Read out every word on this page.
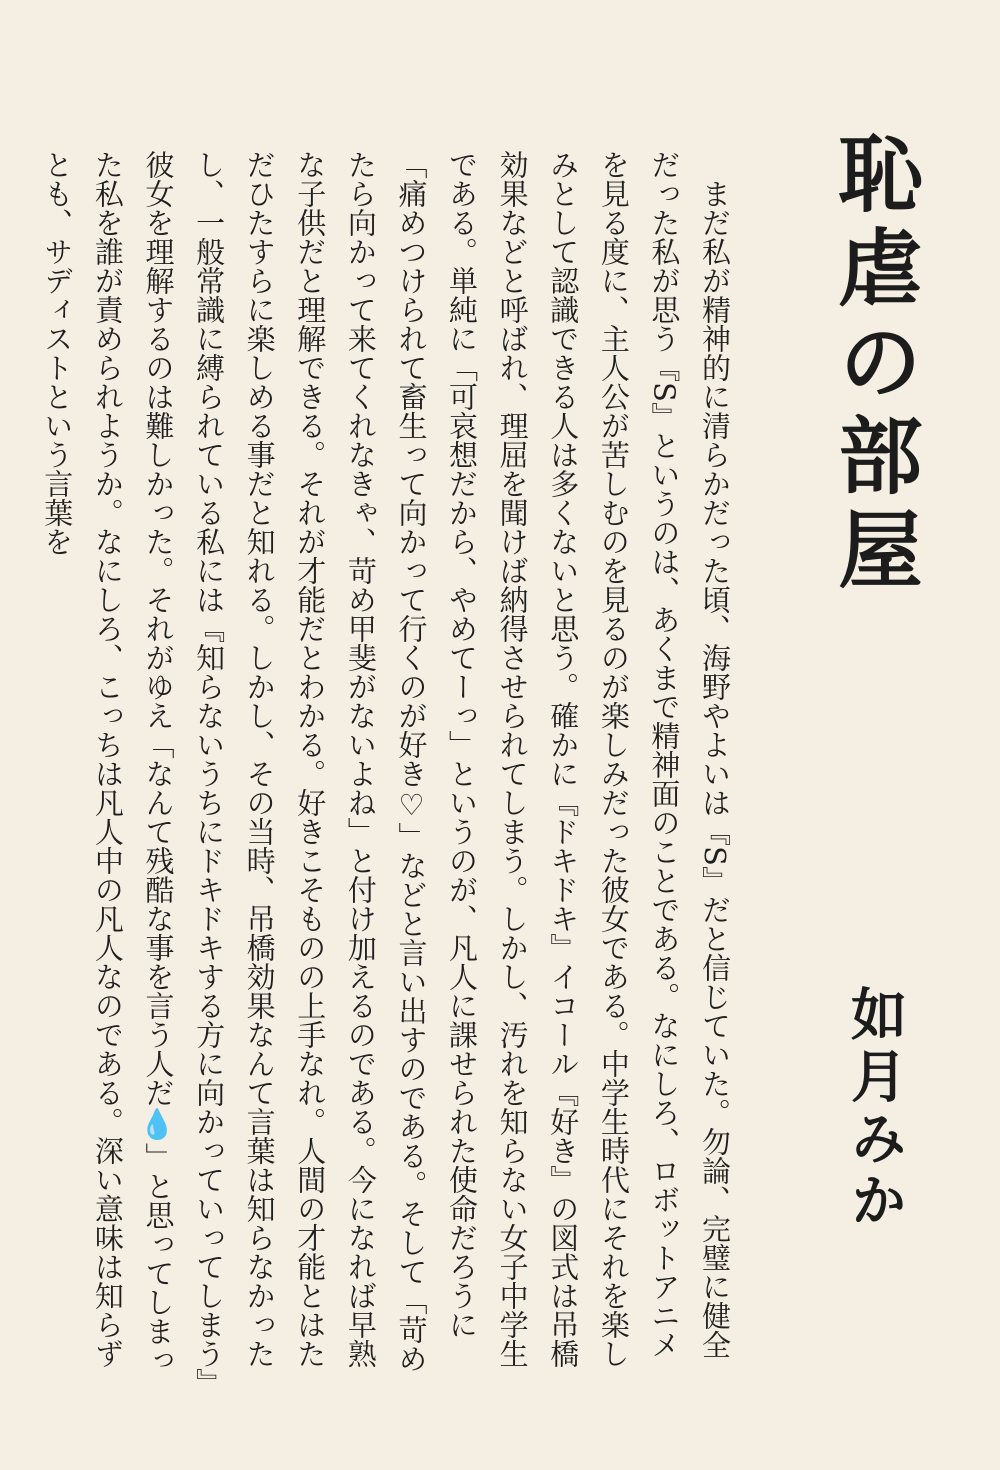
恥虐の部屋
如月みか

まだ私が精神的に清らかだった頃、海野やよいは『S』だと信じていた。勿論、完璧に健全だった私が思う『S』というのは、あくまで精神面のことである。なにしろ、ロボットアニメを見る度に、主人公が苦しむのを見るのが楽しみだった彼女である。中学生時代にそれを楽しみとして認識できる人は多くないと思う。確かに『ドキドキ』イコール『好き』の図式は吊橋効果などと呼ばれ、理屈を聞けば納得させられてしまう。しかし、汚れを知らない女子中学生である。単純に「可哀想だから、やめてーっ」というのが、凡人に課せられた使命だろうに「痛めつけられて畜生って向かって行くのが好き♡」などと言い出すのである。そして「苛めたら向かって来てくれなきゃ、苛め甲斐がないよね」と付け加えるのである。今になれば早熟な子供だと理解できる。それが才能だとわかる。好きこそものの上手なれ。人間の才能とはただひたすらに楽しめる事だと知れる。しかし、その当時、吊橋効果なんて言葉は知らなかったし、一般常識に縛られている私には『知らないうちにドキドキする方に向かっていってしまう』彼女を理解するのは難しかった。それがゆえ「なんて残酷な事を言う人だ💧」と思ってしまった私を誰が責められようか。なにしろ、こっちは凡人中の凡人なのである。深い意味は知らずとも、サディストという言葉を
